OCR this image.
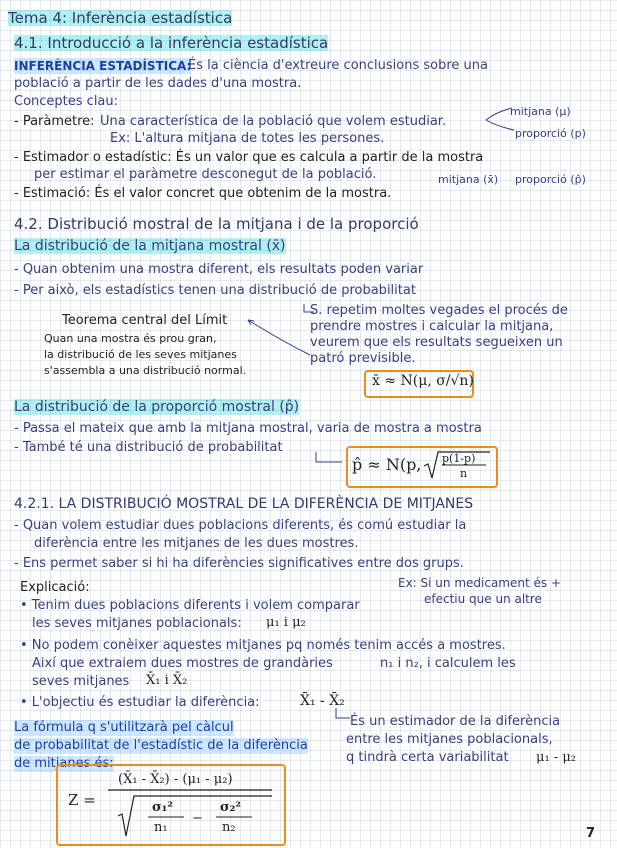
Tema 4: Inferència estadística
4.1. Introducció a la inferència estadística
INFERÈNCIA ESTADÍSTICA:
És la ciència d'extreure conclusions sobre una
població a partir de les dades d'una mostra.
Conceptes clau:
- Paràmetre: Una característica de la població que volem estudiar.
Ex: L'altura mitjana de totes les persones.
mitjana (μ)
proporció (p)
- Estimador o estadístic: És un valor que es calcula a partir de la mostra
per estimar el paràmetre desconegut de la població.	mitjana (x̄) proporció (p̂)
- Estimació: És el valor concret que obtenim de la mostra.
4.2. Distribució mostral de la mitjana i de la proporció
La distribució de la mitjana mostral (x̄)
- Quan obtenim una mostra diferent, els resultats poden variar
- Per això, els estadístics tenen una distribució de probabilitat
S. repetim moltes vegades el procés de
prendre mostres i calcular la mitjana,
veurem que els resultats segueixen un
patró previsible.
Teorema central del Límit
Quan una mostra és prou gran,
la distribució de les seves mitjanes
s'assembla a una distribució normal.
x̄ ≈ N(μ, σ/√n)
La distribució de la proporció mostral (p̂)
- Passa el mateix que amb la mitjana mostral, varia de mostra a mostra
- També té una distribució de probabilitat
p̂ ≈ N(p, p(1-p)
n
4.2.1. LA DISTRIBUCIÓ MOSTRAL DE LA DIFERÈNCIA DE MITJANES
- Quan volem estudiar dues poblacions diferents, és comú estudiar la
diferència entre les mitjanes de les dues mostres.
- Ens permet saber si hi ha diferències significatives entre dos grups.
Ex: Si un medicament és +
efectiu que un altre
Explicació:
• Tenim dues poblacions diferents i volem comparar
les seves mitjanes poblacionals: μ₁ i μ₂
• No podem conèixer aquestes mitjanes pq només tenim accés a mostres.
Així que extraiem dues mostres de grandàries	n₁ i n₂, i calculem les
seves mitjanes X̄₁ i X̄₂
• L'objectiu és estudiar la diferència:	X̄₁ - X̄₂
És un estimador de la diferència
entre les mitjanes poblacionals,
q tindrà certa variabilitat μ₁ - μ₂
La fórmula q s'utilitzarà pel càlcul
de probabilitat de l'estadístic de la diferència
de mitjanes és:
Z =
(X̄₁ - X̄₂) - (μ₁ - μ₂)
σ₁²
n₁
−
σ₂²
n₂	7
